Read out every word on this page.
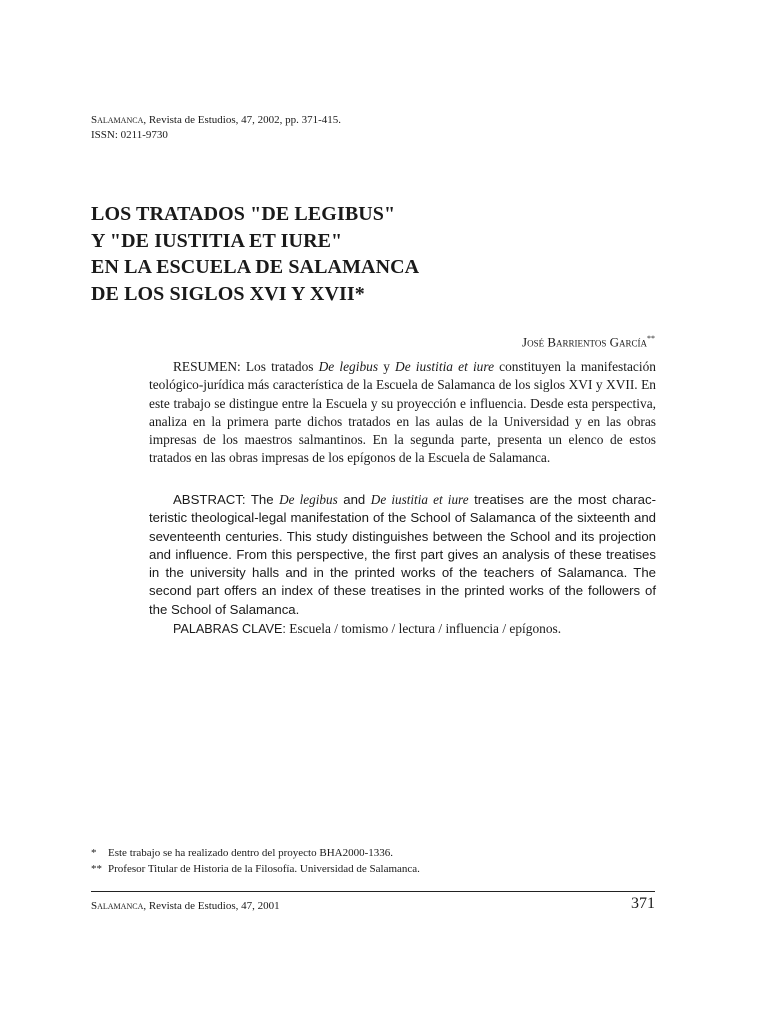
Salamanca, Revista de Estudios, 47, 2002, pp. 371-415.
ISSN: 0211-9730
LOS TRATADOS "DE LEGIBUS"
Y "DE IUSTITIA ET IURE"
EN LA ESCUELA DE SALAMANCA
DE LOS SIGLOS XVI Y XVII*
José Barrientos García**

RESUMEN: Los tratados De legibus y De iustitia et iure constituyen la manifestación teológico-jurídica más característica de la Escuela de Salamanca de los siglos XVI y XVII. En este trabajo se distingue entre la Escuela y su proyección e influencia. Desde esta perspectiva, analiza en la primera parte dichos tratados en las aulas de la Universidad y en las obras impresas de los maestros salmantinos. En la segunda parte, presenta un elenco de estos tratados en las obras impresas de los epígonos de la Escuela de Salamanca.

ABSTRACT: The De legibus and De iustitia et iure treatises are the most characteristic theological-legal manifestation of the School of Salamanca of the sixteenth and seventeenth centuries. This study distinguishes between the School and its projection and influence. From this perspective, the first part gives an analysis of these treatises in the university halls and in the printed works of the teachers of Salamanca. The second part offers an index of these treatises in the printed works of the followers of the School of Salamanca.

PALABRAS CLAVE: Escuela / tomismo / lectura / influencia / epígonos.
* Este trabajo se ha realizado dentro del proyecto BHA2000-1336.
** Profesor Titular de Historia de la Filosofía. Universidad de Salamanca.
Salamanca, Revista de Estudios, 47, 2001	371
